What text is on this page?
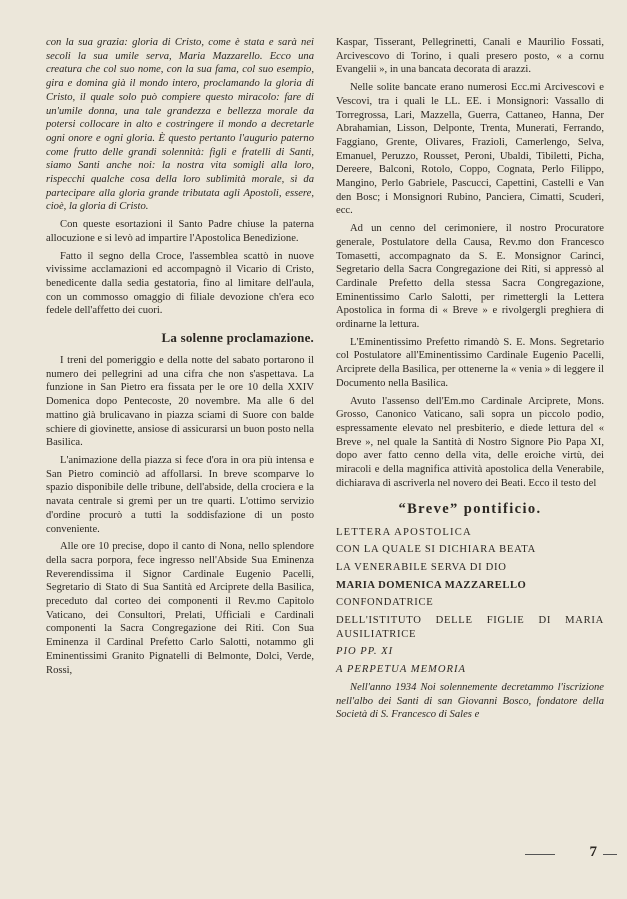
con la sua grazia: gloria di Cristo, come è stata e sarà nei secoli la sua umile serva, Maria Mazzarello. Ecco una creatura che col suo nome, con la sua fama, col suo esempio, gira e domina già il mondo intero, proclamando la gloria di Cristo, il quale solo può compiere questo miracolo: fare di un'umile donna, una tale grandezza e bellezza morale da potersi collocare in alto e costringere il mondo a decretarle ogni onore e ogni gloria. È questo pertanto l'augurio paterno come frutto delle grandi solennità: figli e fratelli di Santi, siamo Santi anche noi: la nostra vita somigli alla loro, rispecchi qualche cosa della loro sublimità morale, sì da partecipare alla gloria grande tributata agli Apostoli, essere, cioè, la gloria di Cristo.

Con queste esortazioni il Santo Padre chiuse la paterna allocuzione e si levò ad impartire l'Apostolica Benedizione.

Fatto il segno della Croce, l'assemblea scattò in nuove vivissime acclamazioni ed accompagnò il Vicario di Cristo, benedicente dalla sedia gestatoria, fino al limitare dell'aula, con un commosso omaggio di filiale devozione ch'era eco fedele dell'affetto dei cuori.

La solenne proclamazione.

I treni del pomeriggio e della notte del sabato portarono il numero dei pellegrini ad una cifra che non s'aspettava. La funzione in San Pietro era fissata per le ore 10 della XXIV Domenica dopo Pentecoste, 20 novembre. Ma alle 6 del mattino già brulicavano in piazza sciami di Suore con balde schiere di giovinette, ansiose di assicurarsi un buon posto nella Basilica.

L'animazione della piazza si fece d'ora in ora più intensa e San Pietro cominciò ad affollarsi. In breve scomparve lo spazio disponibile delle tribune, dell'abside, della crociera e la navata centrale si gremì per un tre quarti. L'ottimo servizio d'ordine procurò a tutti la soddisfazione di un posto conveniente.

Alle ore 10 precise, dopo il canto di Nona, nello splendore della sacra porpora, fece ingresso nell'Abside Sua Eminenza Reverendissima il Signor Cardinale Eugenio Pacelli, Segretario di Stato di Sua Santità ed Arciprete della Basilica, preceduto dal corteo dei componenti il Rev.mo Capitolo Vaticano, dei Consultori, Prelati, Ufficiali e Cardinali componenti la Sacra Congregazione dei Riti. Con Sua Eminenza il Cardinal Prefetto Carlo Salotti, notammo gli Eminentissimi Granito Pignatelli di Belmonte, Dolci, Verde, Rossi,

Kaspar, Tisserant, Pellegrinetti, Canali e Maurilio Fossati, Arcivescovo di Torino, i quali presero posto, « a cornu Evangelii », in una bancata decorata di arazzi.

Nelle solite bancate erano numerosi Ecc.mi Arcivescovi e Vescovi, tra i quali le LL. EE. i Monsignori: Vassallo di Torregrossa, Lari, Mazzella, Guerra, Cattaneo, Hanna, Der Abrahamian, Lisson, Delponte, Trenta, Munerati, Ferrando, Faggiano, Grente, Olivares, Frazioli, Camerlengo, Selva, Emanuel, Peruzzo, Rousset, Peroni, Ubaldi, Tibiletti, Picha, Dereere, Balconi, Rotolo, Coppo, Cognata, Perlo Filippo, Mangino, Perlo Gabriele, Pascucci, Capettini, Castelli e Van den Bosc; i Monsignori Rubino, Panciera, Cimatti, Scuderi, ecc.

Ad un cenno del cerimoniere, il nostro Procuratore generale, Postulatore della Causa, Rev.mo don Francesco Tomasetti, accompagnato da S. E. Monsignor Carinci, Segretario della Sacra Congregazione dei Riti, si appressò al Cardinale Prefetto della stessa Sacra Congregazione, Eminentissimo Carlo Salotti, per rimettergli la Lettera Apostolica in forma di « Breve » e rivolgergli preghiera di ordinarne la lettura.

L'Eminentissimo Prefetto rimandò S. E. Mons. Segretario col Postulatore all'Eminentissimo Cardinale Eugenio Pacelli, Arciprete della Basilica, per ottenerne la « venia » di leggere il Documento nella Basilica.

Avuto l'assenso dell'Em.mo Cardinale Arciprete, Mons. Grosso, Canonico Vaticano, salì sopra un piccolo podio, espressamente elevato nel presbiterio, e diede lettura del « Breve », nel quale la Santità di Nostro Signore Pio Papa XI, dopo aver fatto cenno della vita, delle eroiche virtù, dei miracoli e della magnifica attività apostolica della Venerabile, dichiarava di ascriverla nel novero dei Beati. Ecco il testo del

“Breve” pontificio.

LETTERA APOSTOLICA

CON LA QUALE SI DICHIARA BEATA

LA VENERABILE SERVA DI DIO

MARIA DOMENICA MAZZARELLO

CONFONDATRICE

DELL'ISTITUTO DELLE FIGLIE DI MARIA AUSILIATRICE

PIO PP. XI

A PERPETUA MEMORIA

Nell'anno 1934 Noi solennemente decretammo l'iscrizione nell'albo dei Santi di san Giovanni Bosco, fondatore della Società di S. Francesco di Sales e

7
